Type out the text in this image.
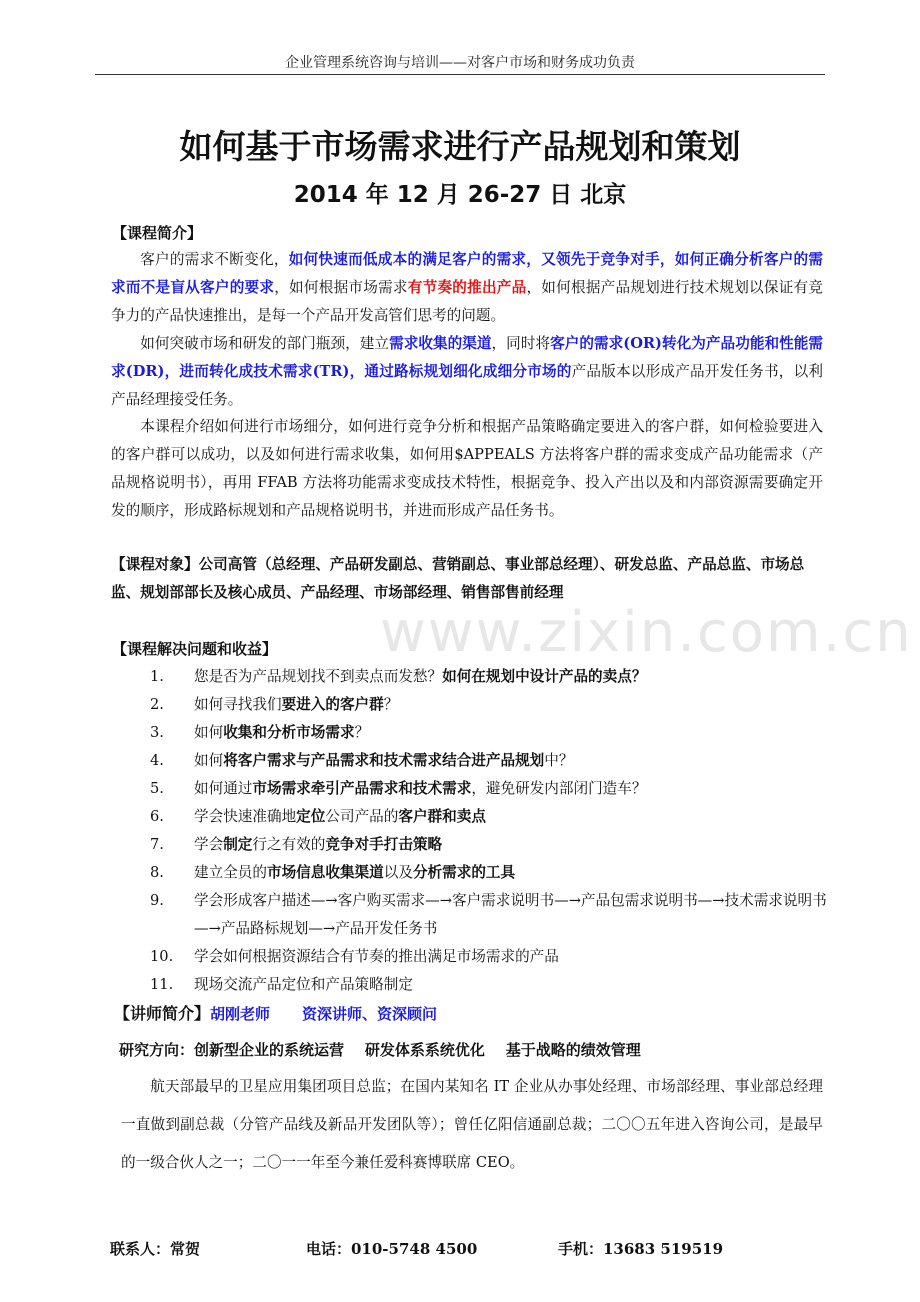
www.zixin.com.cn
企业管理系统咨询与培训——对客户市场和财务成功负责
如何基于市场需求进行产品规划和策划
2014 年 12 月 26-27 日 北京
【课程简介】
客户的需求不断变化，如何快速而低成本的满足客户的需求，又领先于竞争对手，如何正确分析客户的需求而不是盲从客户的要求，如何根据市场需求有节奏的推出产品，如何根据产品规划进行技术规划以保证有竞争力的产品快速推出，是每一个产品开发高管们思考的问题。
如何突破市场和研发的部门瓶颈，建立需求收集的渠道，同时将客户的需求(OR)转化为产品功能和性能需求(DR)，进而转化成技术需求(TR)，通过路标规划细化成细分市场的产品版本以形成产品开发任务书，以利产品经理接受任务。
本课程介绍如何进行市场细分，如何进行竞争分析和根据产品策略确定要进入的客户群，如何检验要进入的客户群可以成功，以及如何进行需求收集，如何用$APPEALS 方法将客户群的需求变成产品功能需求（产品规格说明书），再用 FFAB 方法将功能需求变成技术特性，根据竞争、投入产出以及和内部资源需要确定开发的顺序，形成路标规划和产品规格说明书，并进而形成产品任务书。
【课程对象】公司高管（总经理、产品研发副总、营销副总、事业部总经理）、研发总监、产品总监、市场总监、规划部部长及核心成员、产品经理、市场部经理、销售部售前经理
【课程解决问题和收益】
1. 您是否为产品规划找不到卖点而发愁？如何在规划中设计产品的卖点？
2. 如何寻找我们要进入的客户群？
3. 如何收集和分析市场需求？
4. 如何将客户需求与产品需求和技术需求结合进产品规划中？
5. 如何通过市场需求牵引产品需求和技术需求，避免研发内部闭门造车？
6. 学会快速准确地定位公司产品的客户群和卖点
7. 学会制定行之有效的竞争对手打击策略
8. 建立全员的市场信息收集渠道以及分析需求的工具
9. 学会形成客户描述—→客户购买需求—→客户需求说明书—→产品包需求说明书—→技术需求说明书—→产品路标规划—→产品开发任务书
10. 学会如何根据资源结合有节奏的推出满足市场需求的产品
11. 现场交流产品定位和产品策略制定
【讲师简介】胡刚老师 资深讲师、资深顾问
研究方向：创新型企业的系统运营    研发体系系统优化    基于战略的绩效管理
航天部最早的卫星应用集团项目总监；在国内某知名 IT 企业从办事处经理、市场部经理、事业部总经理一直做到副总裁（分管产品线及新品开发团队等）；曾任亿阳信通副总裁；二〇〇五年进入咨询公司，是最早的一级合伙人之一；二〇一一年至今兼任爱科赛博联席 CEO。
联系人：常贺	电话：010-5748 4500	手机：13683 519519
